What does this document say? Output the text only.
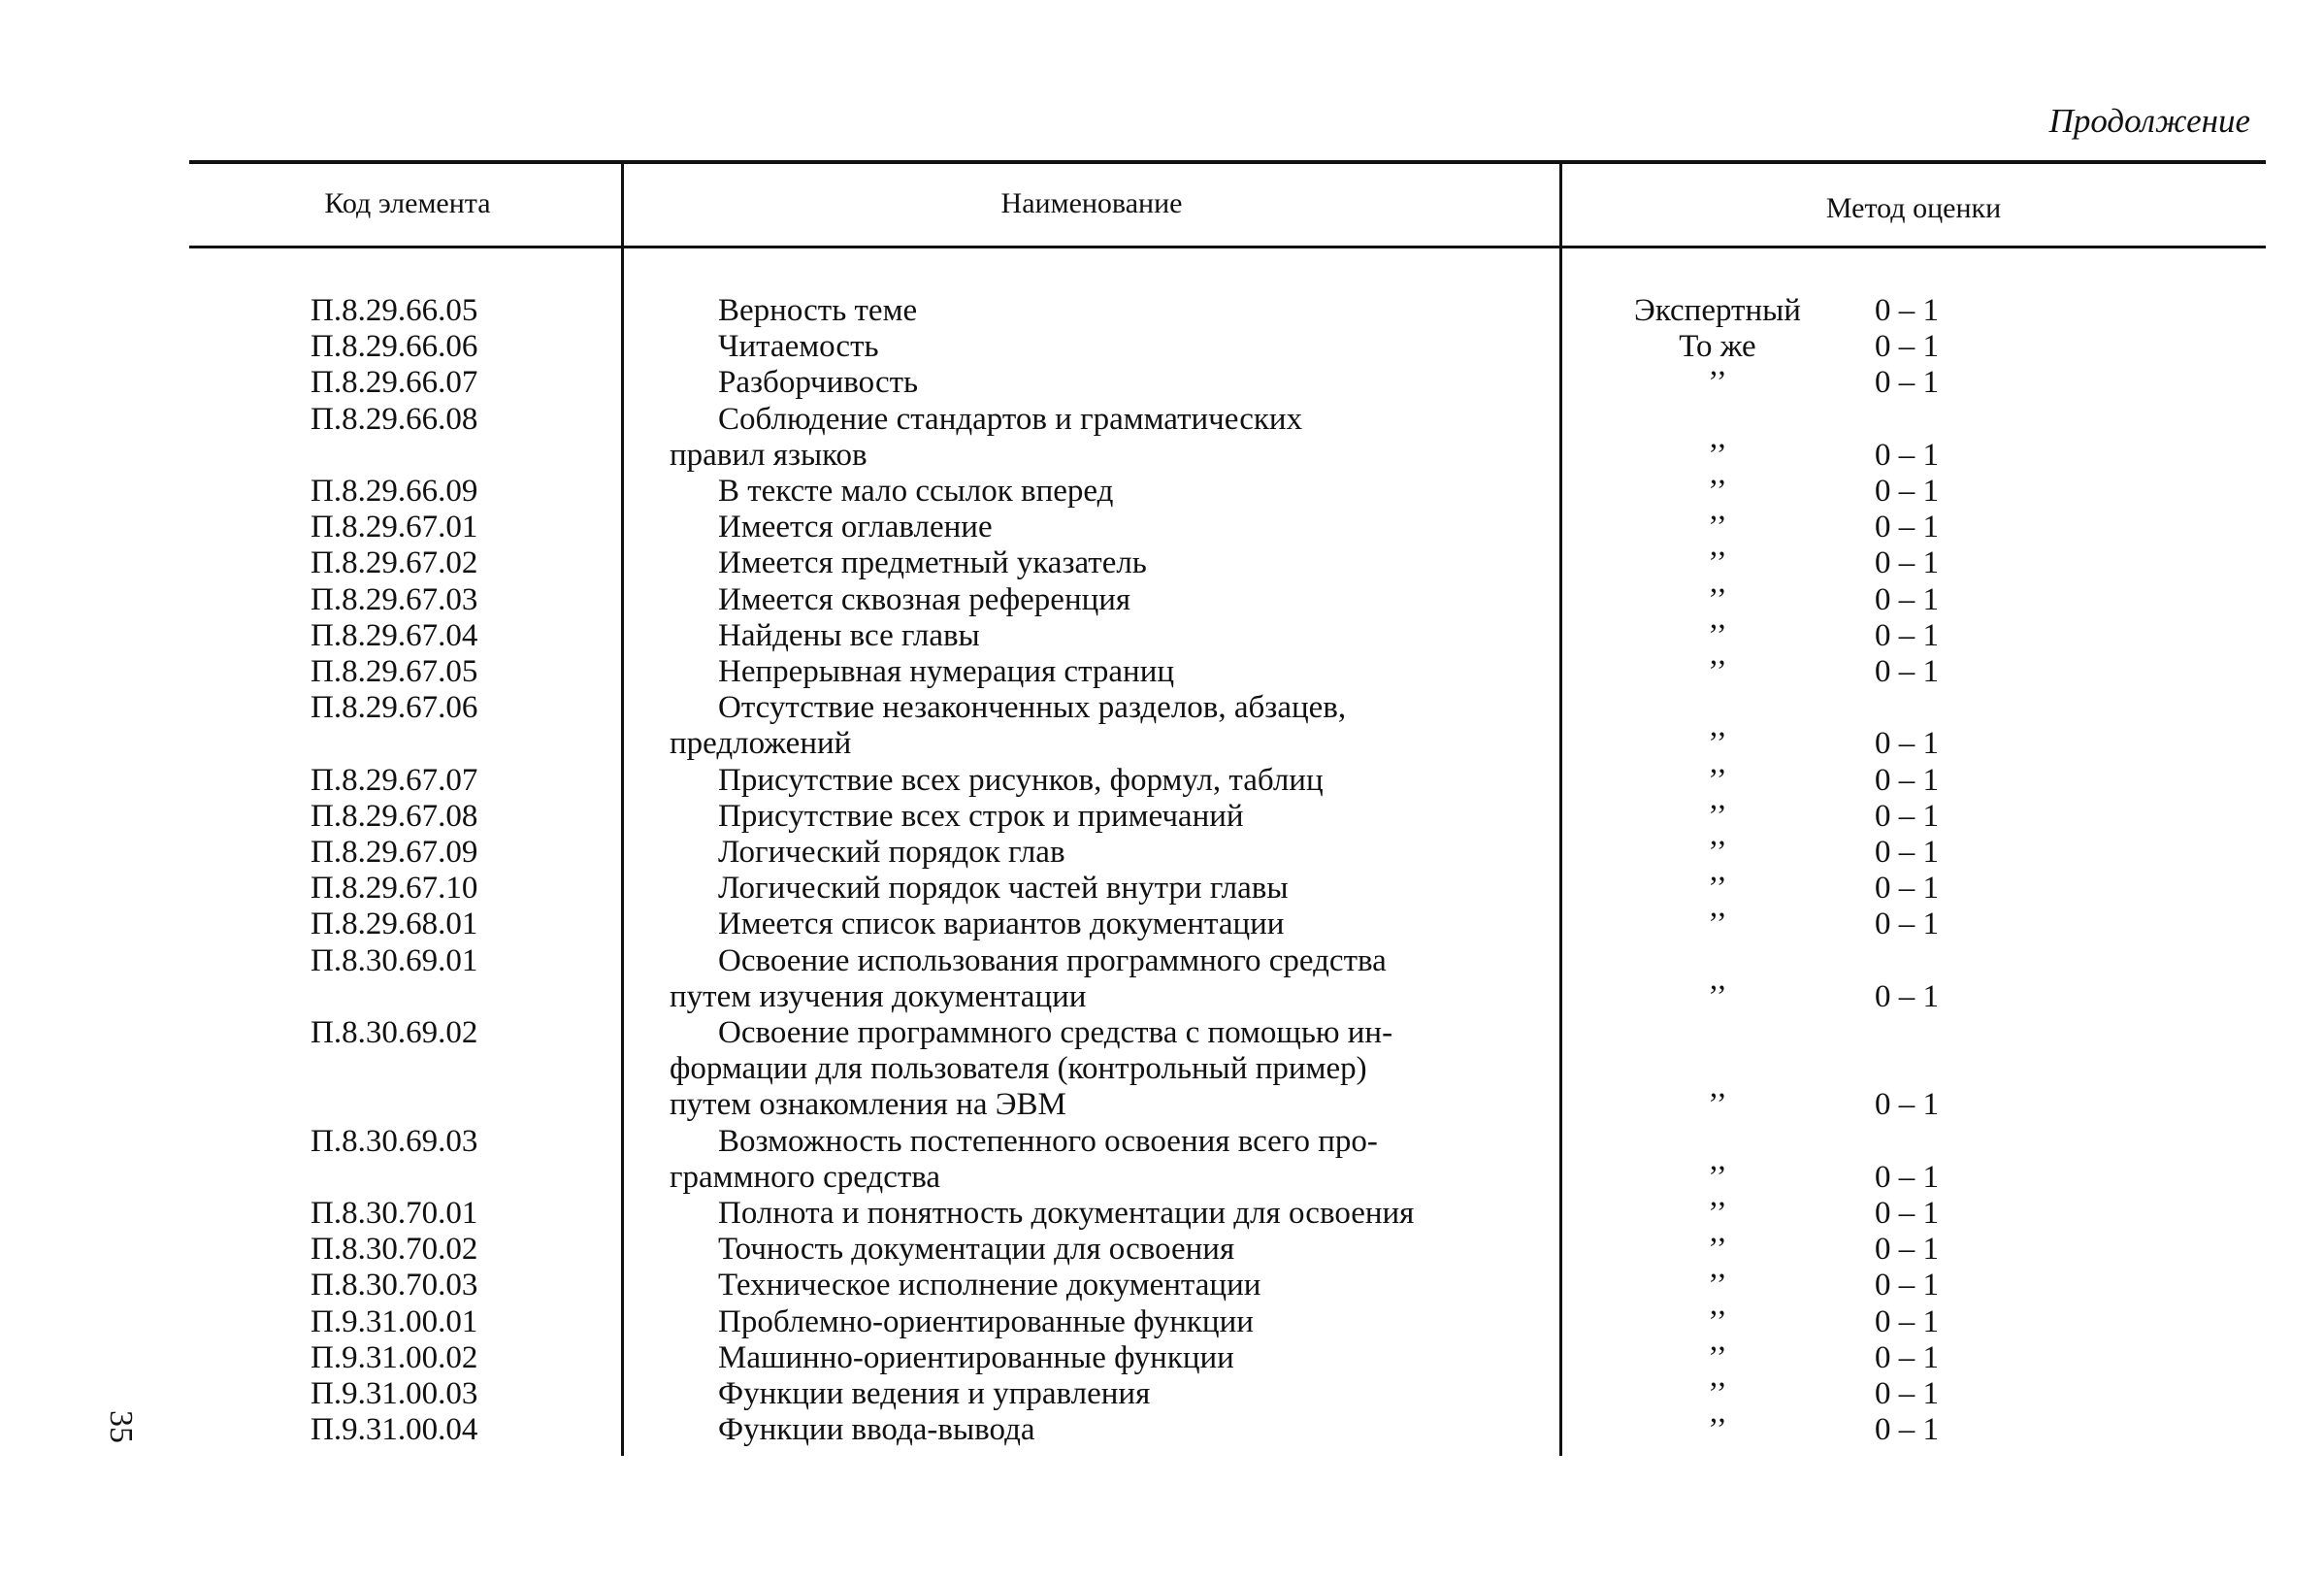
Продолжение
Код элемента	Наименование	Метод оценки
П.8.29.66.05	Верность теме	Экспертный	0 – 1
П.8.29.66.06	Читаемость	То же	0 – 1
П.8.29.66.07	Разборчивость	’’	0 – 1
П.8.29.66.08	Соблюдение стандартов и грамматических
правил языков	’’	0 – 1
П.8.29.66.09	В тексте мало ссылок вперед	’’	0 – 1
П.8.29.67.01	Имеется оглавление	’’	0 – 1
П.8.29.67.02	Имеется предметный указатель	’’	0 – 1
П.8.29.67.03	Имеется сквозная референция	’’	0 – 1
П.8.29.67.04	Найдены все главы	’’	0 – 1
П.8.29.67.05	Непрерывная нумерация страниц	’’	0 – 1
П.8.29.67.06	Отсутствие незаконченных разделов, абзацев,
предложений	’’	0 – 1
П.8.29.67.07	Присутствие всех рисунков, формул, таблиц	’’	0 – 1
П.8.29.67.08	Присутствие всех строк и примечаний	’’	0 – 1
П.8.29.67.09	Логический порядок глав	’’	0 – 1
П.8.29.67.10	Логический порядок частей внутри главы	’’	0 – 1
П.8.29.68.01	Имеется список вариантов документации	’’	0 – 1
П.8.30.69.01	Освоение использования программного средства
путем изучения документации	’’	0 – 1
П.8.30.69.02	Освоение программного средства с помощью ин-
формации для пользователя (контрольный пример)
путем ознакомления на ЭВМ	’’	0 – 1
П.8.30.69.03	Возможность постепенного освоения всего про-
граммного средства	’’	0 – 1
П.8.30.70.01	Полнота и понятность документации для освоения	’’	0 – 1
П.8.30.70.02	Точность документации для освоения	’’	0 – 1
П.8.30.70.03	Техническое исполнение документации	’’	0 – 1
П.9.31.00.01	Проблемно-ориентированные функции	’’	0 – 1
П.9.31.00.02	Машинно-ориентированные функции	’’	0 – 1
П.9.31.00.03	Функции ведения и управления	’’	0 – 1
П.9.31.00.04	Функции ввода-вывода	’’	0 – 1
35
